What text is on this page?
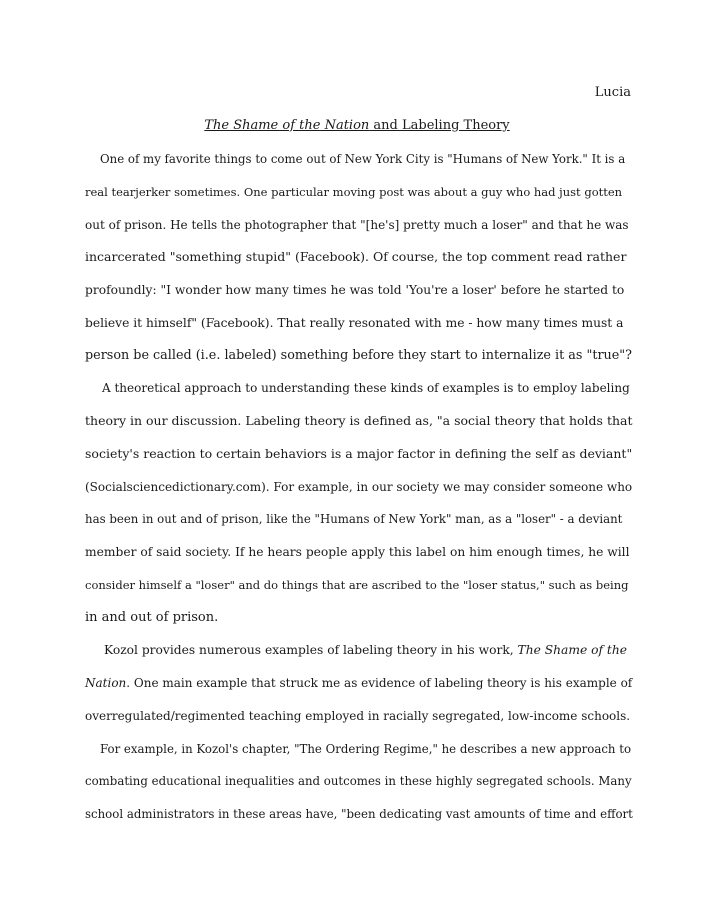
Lucia
The Shame of the Nation and Labeling Theory
One of my favorite things to come out of New York City is "Humans of New York." It is a
real tearjerker sometimes. One particular moving post was about a guy who had just gotten
out of prison. He tells the photographer that "[he's] pretty much a loser" and that he was
incarcerated "something stupid" (Facebook). Of course, the top comment read rather
profoundly: "I wonder how many times he was told 'You're a loser' before he started to
believe it himself" (Facebook). That really resonated with me - how many times must a
person be called (i.e. labeled) something before they start to internalize it as "true"?
A theoretical approach to understanding these kinds of examples is to employ labeling
theory in our discussion. Labeling theory is defined as, "a social theory that holds that
society's reaction to certain behaviors is a major factor in defining the self as deviant"
(Socialsciencedictionary.com). For example, in our society we may consider someone who
has been in out and of prison, like the "Humans of New York" man, as a "loser" - a deviant
member of said society. If he hears people apply this label on him enough times, he will
consider himself a "loser" and do things that are ascribed to the "loser status," such as being
in and out of prison.
Kozol provides numerous examples of labeling theory in his work, The Shame of the
Nation. One main example that struck me as evidence of labeling theory is his example of
overregulated/regimented teaching employed in racially segregated, low-income schools.
For example, in Kozol's chapter, "The Ordering Regime," he describes a new approach to
combating educational inequalities and outcomes in these highly segregated schools. Many
school administrators in these areas have, "been dedicating vast amounts of time and effort
